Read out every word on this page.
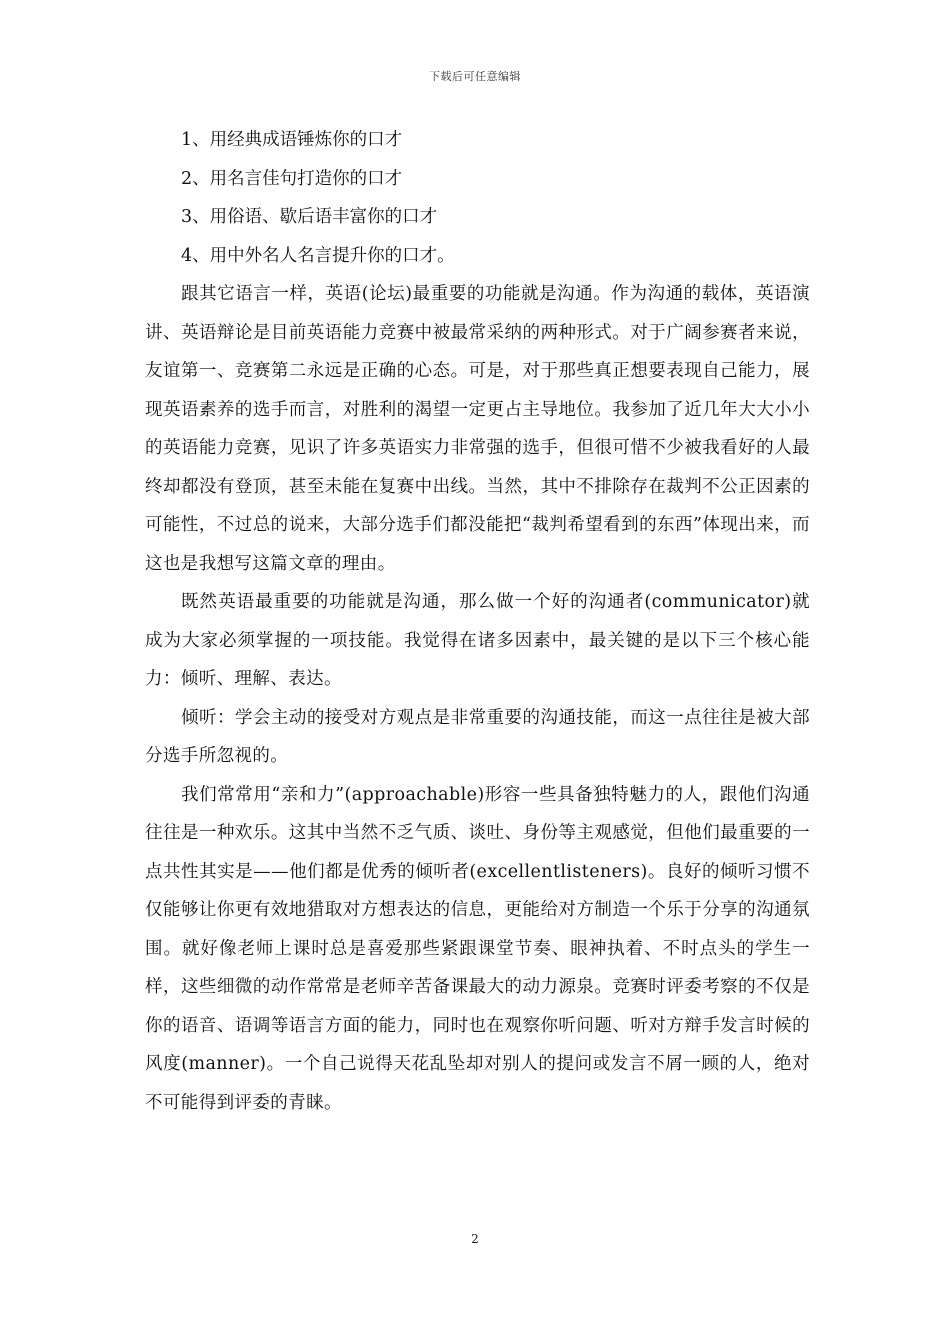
下载后可任意编辑

1、用经典成语锤炼你的口才

2、用名言佳句打造你的口才

3、用俗语、歇后语丰富你的口才

4、用中外名人名言提升你的口才。

跟其它语言一样，英语(论坛)最重要的功能就是沟通。作为沟通的载体，英语演讲、英语辩论是目前英语能力竞赛中被最常采纳的两种形式。对于广阔参赛者来说，友谊第一、竞赛第二永远是正确的心态。可是，对于那些真正想要表现自己能力，展现英语素养的选手而言，对胜利的渴望一定更占主导地位。我参加了近几年大大小小的英语能力竞赛，见识了许多英语实力非常强的选手，但很可惜不少被我看好的人最终却都没有登顶，甚至未能在复赛中出线。当然，其中不排除存在裁判不公正因素的可能性，不过总的说来，大部分选手们都没能把“裁判希望看到的东西”体现出来，而这也是我想写这篇文章的理由。

既然英语最重要的功能就是沟通，那么做一个好的沟通者(communicator)就成为大家必须掌握的一项技能。我觉得在诸多因素中，最关键的是以下三个核心能力：倾听、理解、表达。

倾听：学会主动的接受对方观点是非常重要的沟通技能，而这一点往往是被大部分选手所忽视的。

我们常常用“亲和力”(approachable)形容一些具备独特魅力的人，跟他们沟通往往是一种欢乐。这其中当然不乏气质、谈吐、身份等主观感觉，但他们最重要的一点共性其实是——他们都是优秀的倾听者(excellentlisteners)。良好的倾听习惯不仅能够让你更有效地猎取对方想表达的信息，更能给对方制造一个乐于分享的沟通氛围。就好像老师上课时总是喜爱那些紧跟课堂节奏、眼神执着、不时点头的学生一样，这些细微的动作常常是老师辛苦备课最大的动力源泉。竞赛时评委考察的不仅是你的语音、语调等语言方面的能力，同时也在观察你听问题、听对方辩手发言时候的风度(manner)。一个自己说得天花乱坠却对别人的提问或发言不屑一顾的人，绝对不可能得到评委的青睐。

2
